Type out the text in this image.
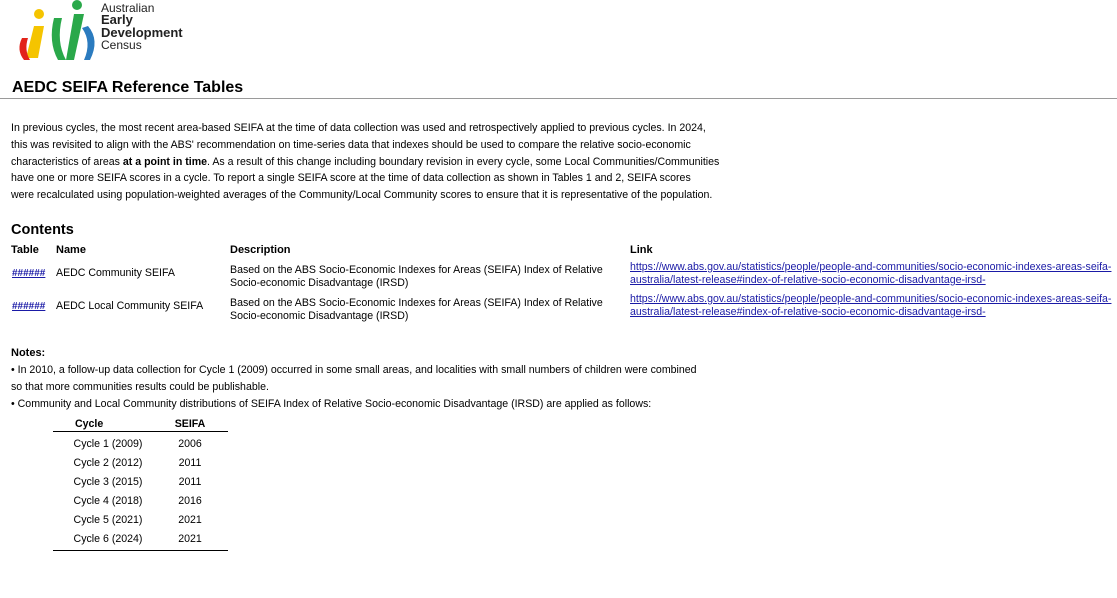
Australian
Early
Development
Census
AEDC SEIFA Reference Tables

In previous cycles, the most recent area-based SEIFA at the time of data collection was used and retrospectively applied to previous cycles. In 2024,

this was revisited to align with the ABS' recommendation on time-series data that indexes should be used to compare the relative socio-economic

characteristics of areas at a point in time. As a result of this change including boundary revision in every cycle, some Local Communities/Communities

have one or more SEIFA scores in a cycle. To report a single SEIFA score at the time of data collection as shown in Tables 1 and 2, SEIFA scores

were recalculated using population-weighted averages of the Community/Local Community scores to ensure that it is representative of the population.

Contents
Table Name	Description	Link
###### AEDC Community SEIFA	Based on the ABS Socio-Economic Indexes for Areas (SEIFA) Index of Relative
Socio-economic Disadvantage (IRSD)
https://www.abs.gov.au/statistics/people/people-and-communities/socio-economic-indexes-areas-seifa-
australia/latest-release#index-of-relative-socio-economic-disadvantage-irsd-
###### AEDC Local Community SEIFA	Based on the ABS Socio-Economic Indexes for Areas (SEIFA) Index of Relative
Socio-economic Disadvantage (IRSD)
https://www.abs.gov.au/statistics/people/people-and-communities/socio-economic-indexes-areas-seifa-
australia/latest-release#index-of-relative-socio-economic-disadvantage-irsd-
Notes:

• In 2010, a follow-up data collection for Cycle 1 (2009) occurred in some small areas, and localities with small numbers of children were combined

so that more communities results could be publishable.

• Community and Local Community distributions of SEIFA Index of Relative Socio-economic Disadvantage (IRSD) are applied as follows:

Cycle	SEIFA
Cycle 1 (2009)	2006
Cycle 2 (2012)	2011
Cycle 3 (2015)	2011
Cycle 4 (2018)	2016
Cycle 5 (2021)	2021
Cycle 6 (2024)	2021
